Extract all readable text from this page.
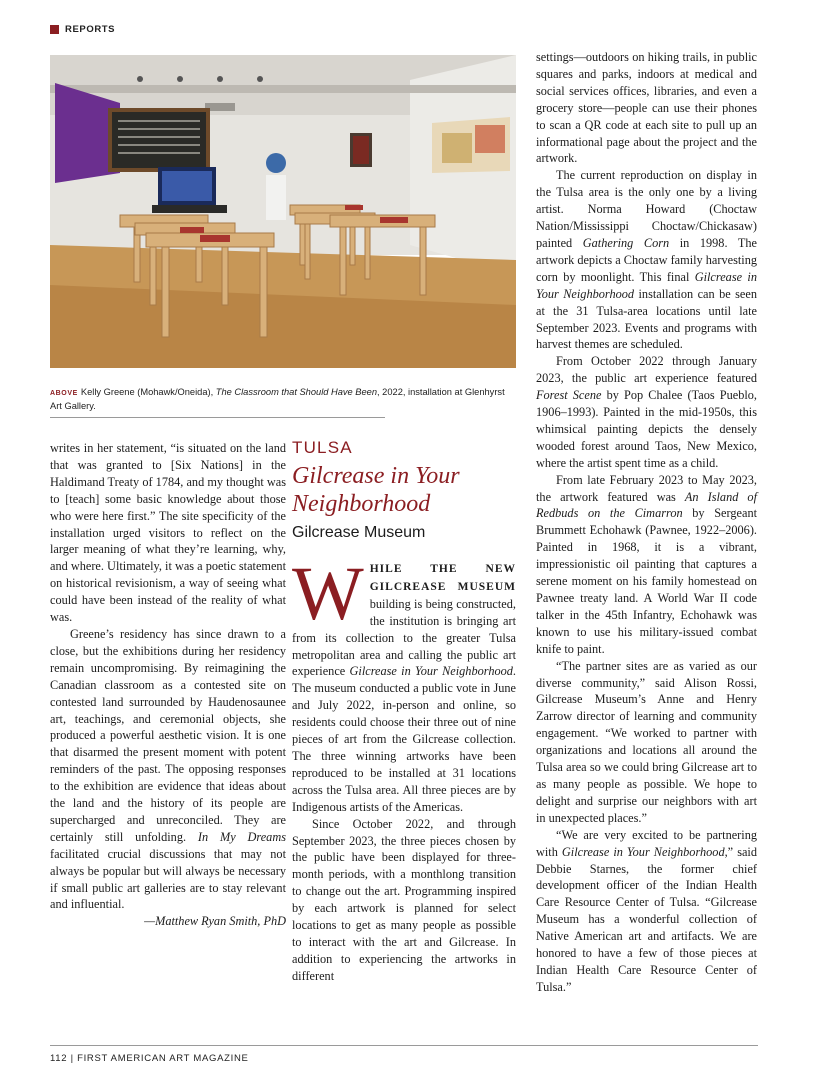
REPORTS
ABOVE Kelly Greene (Mohawk/Oneida), The Classroom that Should Have Been, 2022, installation at Glenhyrst Art Gallery.

writes in her statement, “is situated on the land that was granted to [Six Nations] in the Haldimand Treaty of 1784, and my thought was to [teach] some basic knowledge about those who were here first.” The site specificity of the installation urged visitors to reflect on the larger meaning of what they’re learning, why, and where. Ultimately, it was a poetic statement on historical revisionism, a way of seeing what could have been instead of the reality of what was.

Greene’s residency has since drawn to a close, but the exhibitions during her residency remain uncompromising. By reimagining the Canadian classroom as a contested site on contested land surrounded by Haudenosaunee art, teachings, and ceremonial objects, she produced a powerful aesthetic vision. It is one that disarmed the present moment with potent reminders of the past. The opposing responses to the exhibition are evidence that ideas about the land and the history of its people are supercharged and unreconciled. They are certainly still unfolding. In My Dreams facilitated crucial discussions that may not always be popular but will always be necessary if small public art galleries are to stay relevant and influential.

—Matthew Ryan Smith, PhD

TULSA
Gilcrease in Your Neighborhood
Gilcrease Museum

WHILE THE NEW GILCREASE MUSEUM building is being constructed, the institution is bringing art from its collection to the greater Tulsa metropolitan area and calling the public art experience Gilcrease in Your Neighborhood. The museum conducted a public vote in June and July 2022, in-person and online, so residents could choose their three out of nine pieces of art from the Gilcrease collection. The three winning artworks have been reproduced to be installed at 31 locations across the Tulsa area. All three pieces are by Indigenous artists of the Americas.

Since October 2022, and through September 2023, the three pieces chosen by the public have been displayed for three-month periods, with a monthlong transition to change out the art. Programming inspired by each artwork is planned for select locations to get as many people as possible to interact with the art and Gilcrease. In addition to experiencing the artworks in different

settings—outdoors on hiking trails, in public squares and parks, indoors at medical and social services offices, libraries, and even a grocery store—people can use their phones to scan a QR code at each site to pull up an informational page about the project and the artwork.

The current reproduction on display in the Tulsa area is the only one by a living artist. Norma Howard (Choctaw Nation/Mississippi Choctaw/Chickasaw) painted Gathering Corn in 1998. The artwork depicts a Choctaw family harvesting corn by moonlight. This final Gilcrease in Your Neighborhood installation can be seen at the 31 Tulsa-area locations until late September 2023. Events and programs with harvest themes are scheduled.

From October 2022 through January 2023, the public art experience featured Forest Scene by Pop Chalee (Taos Pueblo, 1906–1993). Painted in the mid-1950s, this whimsical painting depicts the densely wooded forest around Taos, New Mexico, where the artist spent time as a child.

From late February 2023 to May 2023, the artwork featured was An Island of Redbuds on the Cimarron by Sergeant Brummett Echohawk (Pawnee, 1922–2006). Painted in 1968, it is a vibrant, impressionistic oil painting that captures a serene moment on his family homestead on Pawnee treaty land. A World War II code talker in the 45th Infantry, Echohawk was known to use his military-issued combat knife to paint.

“The partner sites are as varied as our diverse community,” said Alison Rossi, Gilcrease Museum’s Anne and Henry Zarrow director of learning and community engagement. “We worked to partner with organizations and locations all around the Tulsa area so we could bring Gilcrease art to as many people as possible. We hope to delight and surprise our neighbors with art in unexpected places.”

“We are very excited to be partnering with Gilcrease in Your Neighborhood,” said Debbie Starnes, the former chief development officer of the Indian Health Care Resource Center of Tulsa. “Gilcrease Museum has a wonderful collection of Native American art and artifacts. We are honored to have a few of those pieces at Indian Health Care Resource Center of Tulsa.”

112 | FIRST AMERICAN ART MAGAZINE
